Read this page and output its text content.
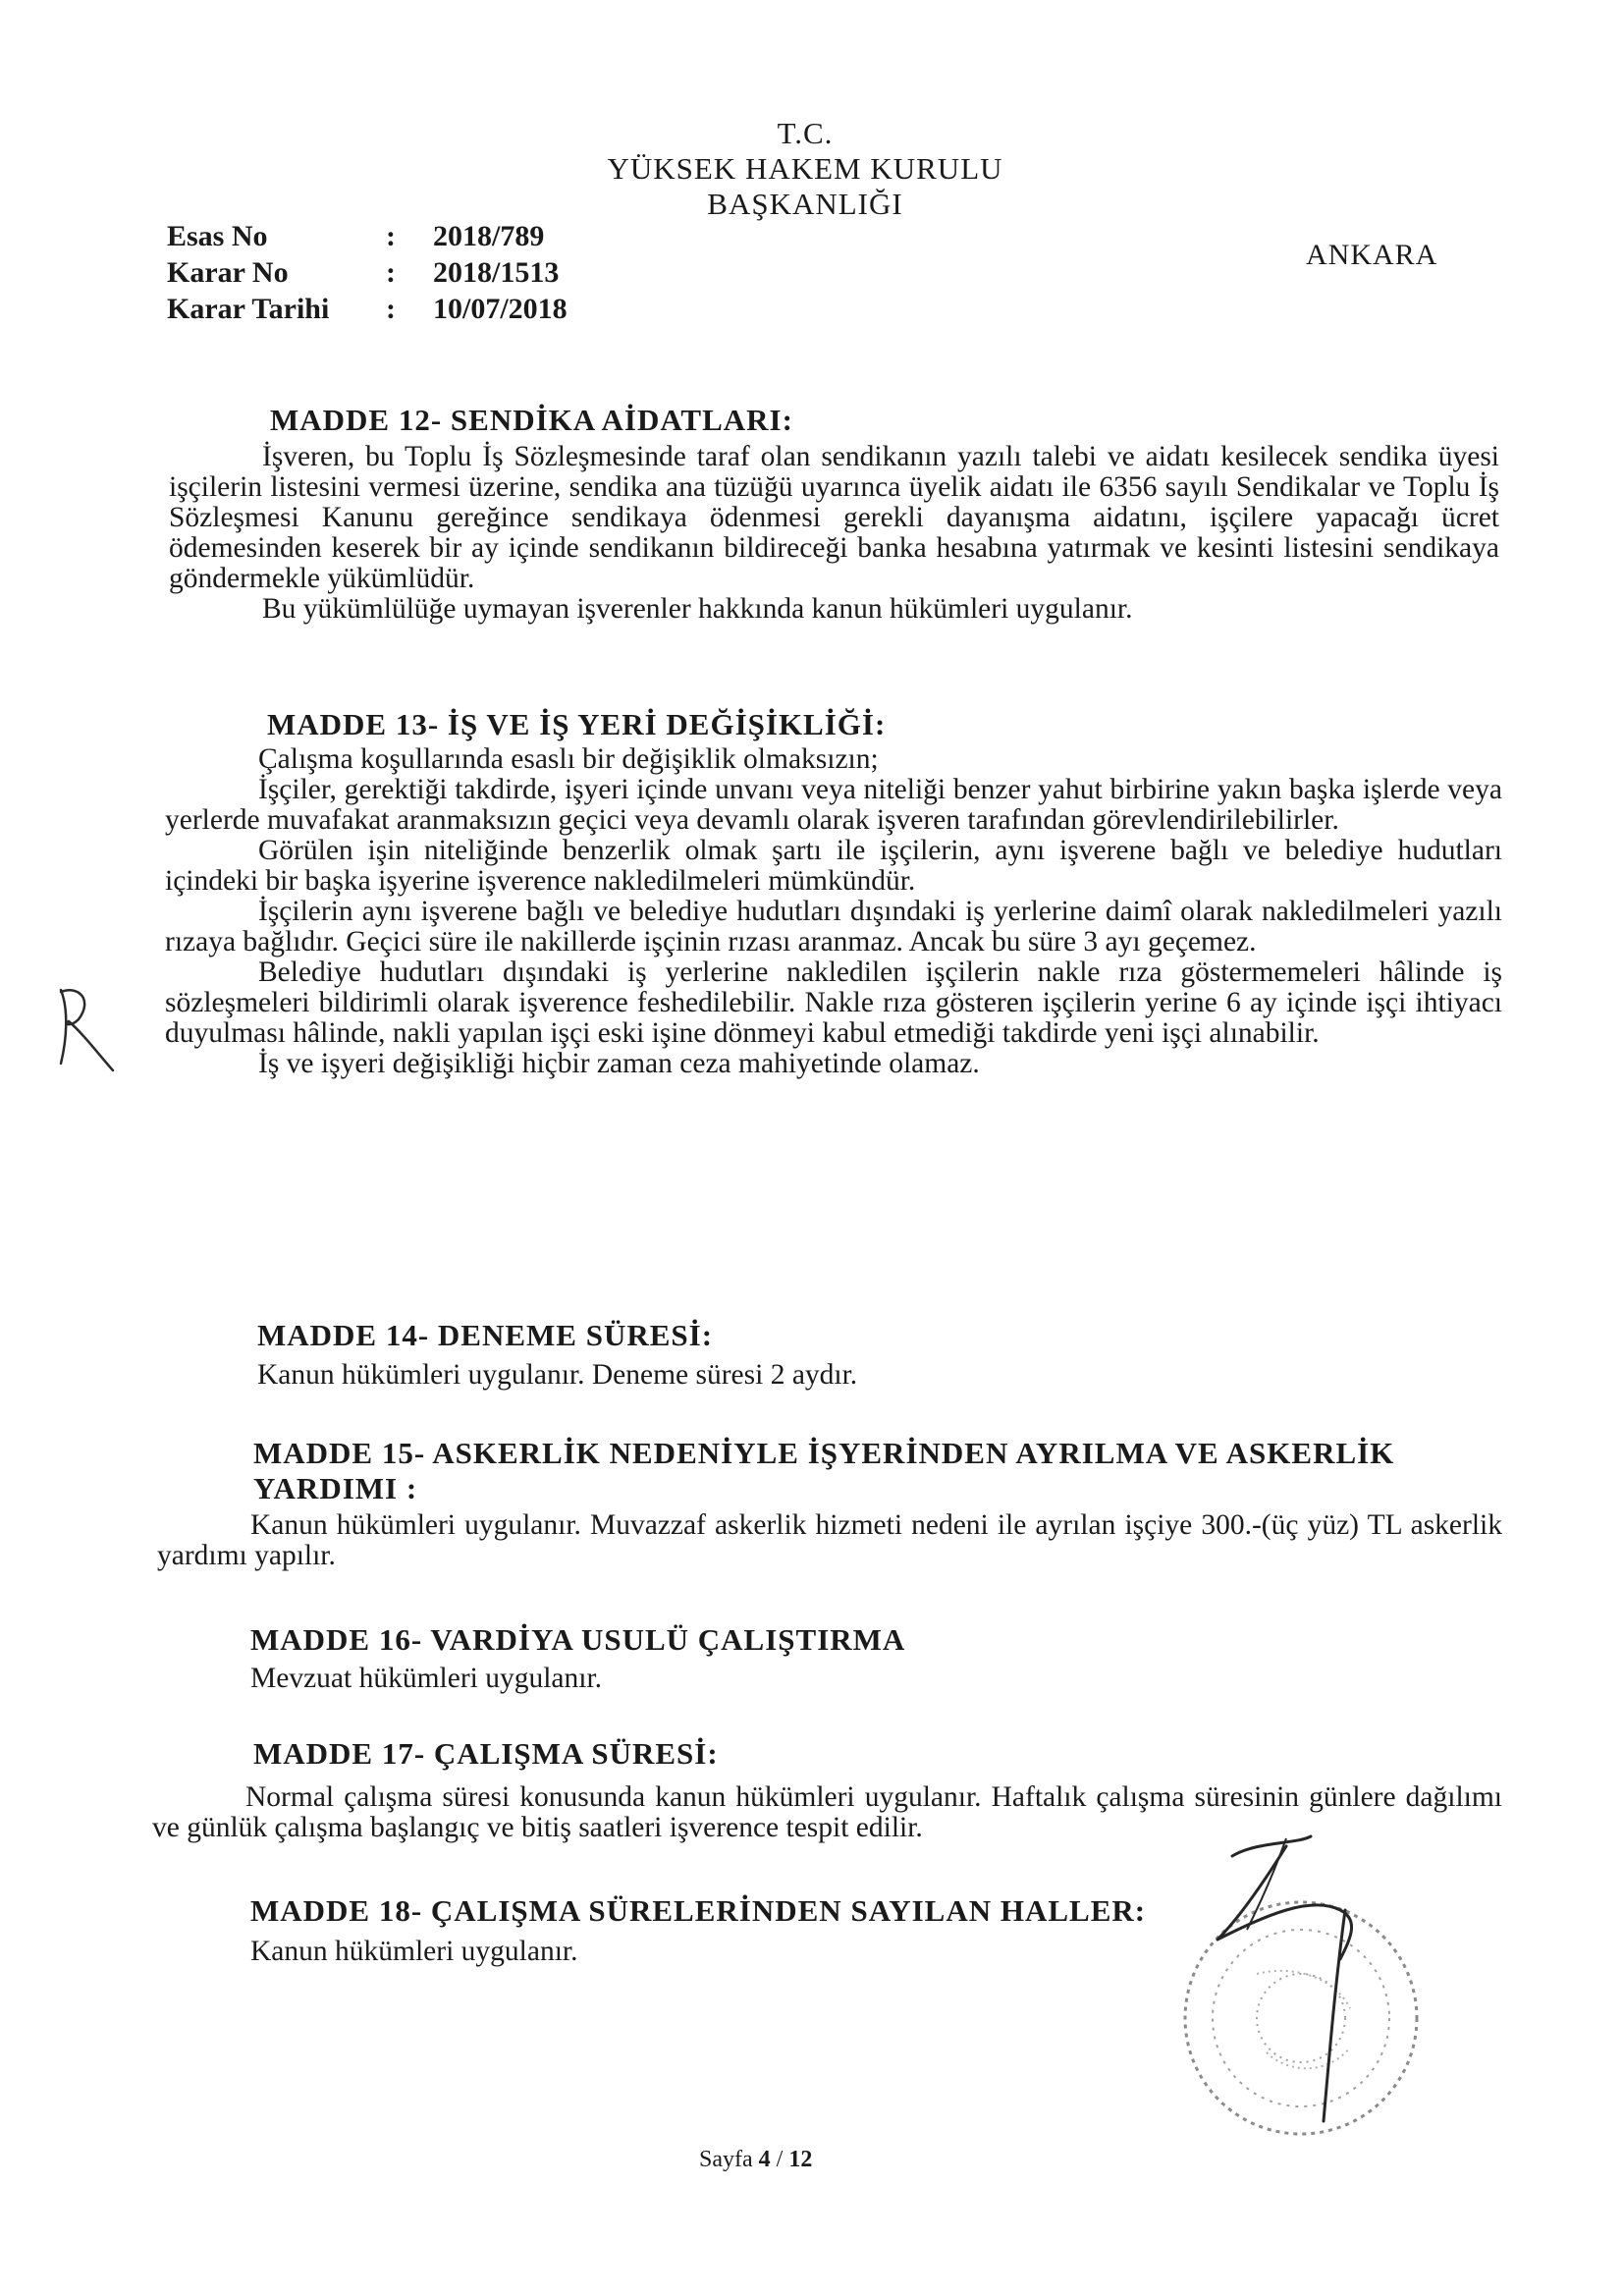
T.C.
YÜKSEK HAKEM KURULU
BAŞKANLIĞI
Esas No	:	2018/789
Karar No	:	2018/1513
Karar Tarihi	:	10/07/2018
ANKARA
MADDE 12- SENDİKA AİDATLARI:

İşveren, bu Toplu İş Sözleşmesinde taraf olan sendikanın yazılı talebi ve aidatı kesilecek sendika üyesi işçilerin listesini vermesi üzerine, sendika ana tüzüğü uyarınca üyelik aidatı ile 6356 sayılı Sendikalar ve Toplu İş Sözleşmesi Kanunu gereğince sendikaya ödenmesi gerekli dayanışma aidatını, işçilere yapacağı ücret ödemesinden keserek bir ay içinde sendikanın bildireceği banka hesabına yatırmak ve kesinti listesini sendikaya göndermekle yükümlüdür.

Bu yükümlülüğe uymayan işverenler hakkında kanun hükümleri uygulanır.

MADDE 13- İŞ VE İŞ YERİ DEĞİŞİKLİĞİ:

Çalışma koşullarında esaslı bir değişiklik olmaksızın;

İşçiler, gerektiği takdirde, işyeri içinde unvanı veya niteliği benzer yahut birbirine yakın başka işlerde veya yerlerde muvafakat aranmaksızın geçici veya devamlı olarak işveren tarafından görevlendirilebilirler.

Görülen işin niteliğinde benzerlik olmak şartı ile işçilerin, aynı işverene bağlı ve belediye hudutları içindeki bir başka işyerine işverence nakledilmeleri mümkündür.

İşçilerin aynı işverene bağlı ve belediye hudutları dışındaki iş yerlerine daimî olarak nakledilmeleri yazılı rızaya bağlıdır. Geçici süre ile nakillerde işçinin rızası aranmaz. Ancak bu süre 3 ayı geçemez.

Belediye hudutları dışındaki iş yerlerine nakledilen işçilerin nakle rıza göstermemeleri hâlinde iş sözleşmeleri bildirimli olarak işverence feshedilebilir. Nakle rıza gösteren işçilerin yerine 6 ay içinde işçi ihtiyacı duyulması hâlinde, nakli yapılan işçi eski işine dönmeyi kabul etmediği takdirde yeni işçi alınabilir.

İş ve işyeri değişikliği hiçbir zaman ceza mahiyetinde olamaz.

MADDE 14- DENEME SÜRESİ:

Kanun hükümleri uygulanır. Deneme süresi 2 aydır.

MADDE 15- ASKERLİK NEDENİYLE İŞYERİNDEN AYRILMA VE ASKERLİK YARDIMI :

Kanun hükümleri uygulanır. Muvazzaf askerlik hizmeti nedeni ile ayrılan işçiye 300.-(üç yüz) TL askerlik yardımı yapılır.

MADDE 16- VARDİYA USULÜ ÇALIŞTIRMA

Mevzuat hükümleri uygulanır.

MADDE 17- ÇALIŞMA SÜRESİ:

Normal çalışma süresi konusunda kanun hükümleri uygulanır. Haftalık çalışma süresinin günlere dağılımı ve günlük çalışma başlangıç ve bitiş saatleri işverence tespit edilir.

MADDE 18- ÇALIŞMA SÜRELERİNDEN SAYILAN HALLER:

Kanun hükümleri uygulanır.

Sayfa 4 / 12
